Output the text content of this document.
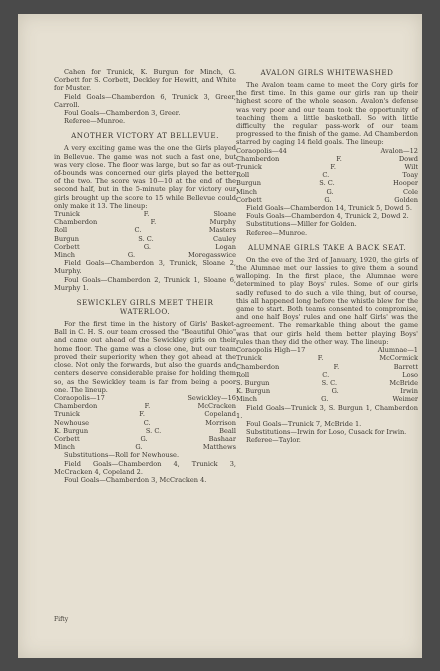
Cahen for Trunick, K. Burgun for Minch, G. Corbett for S. Corbett, Deckley for Hewitt, and White for Muster.

Field Goals—Chamberdon 6, Trunick 3, Greer, Carroll.

Foul Goals—Chamberdon 3, Greer.

Referee—Munroe.

ANOTHER VICTORY AT BELLEVUE.

A very exciting game was the one the Girls played in Bellevue. The game was not such a fast one, but was very close. The floor was large, but so far as out-of-bounds was concerned our girls played the better of the two. The score was 10—10 at the end of the second half, but in the 5-minute play for victory our girls brought up the score to 15 while Bellevue could only make it 13. The lineup:

Trunick	F.	Sloane
Chamberdon	F.	Murphy
Roll	C.	Masters
Burgun	S. C.	Cauley
Corbett	G.	Logan
Minch	G.	Moregasswice

Field Goals—Chamberdon 3, Trunick, Sloane 2, Murphy.

Foul Goals—Chamberdon 2, Trunick 1, Sloane 6, Murphy 1.

SEWICKLEY GIRLS MEET THEIR WATERLOO.

For the first time in the history of Girls' Basket-Ball in C. H. S. our team crossed the "Beautiful Ohio" and came out ahead of the Sewickley girls on their home floor. The game was a close one, but our team proved their superiority when they got ahead at the close. Not only the forwards, but also the guards and centers deserve considerable praise for holding them so, as the Sewickley team is far from being a poor one. The lineup.

Coraopolis—17	Sewickley—16
Chamberdon	F.	McCracken
Trunick	F.	Copeland
Newhouse	C.	Morrison
K. Burgun	S. C.	Beall
Corbett	G.	Bashaar
Minch	G.	Matthews

Substitutions—Roll for Newhouse.

Field Goals—Chamberdon 4, Trunick 3, McCracken 4, Copeland 2.

Foul Goals—Chamberdon 3, McCracken 4.

AVALON GIRLS WHITEWASHED

The Avalon team came to meet the Cory girls for the first time. In this game our girls ran up their highest score of the whole season. Avalon's defense was very poor and our team took the opportunity of teaching them a little basketball. So with little difficulty the regular pass-work of our team progressed to the finish of the game. Ad Chamberdon starred by caging 14 field goals. The lineup:

Coraopolis—44	Avalon—12
Chamberdon	F.	Dowd
Trunick	F.	Wilt
Roll	C.	Toay
Burgun	S. C.	Hooper
Minch	G.	Cole
Corbett	G.	Golden

Field Goals—Chamberdon 14, Trunick 5, Dowd 5.

Fouls Goals—Chamberdon 4, Trunick 2, Dowd 2.

Substitutions—Miller for Golden.

Referee—Munroe.

ALUMNAE GIRLS TAKE A BACK SEAT.

On the eve of the 3rd of January, 1920, the girls of the Alumnae met our lassies to give them a sound walloping. In the first place, the Alumnae were determined to play Boys' rules. Some of our girls sadly refused to do such a vile thing, but of course, this all happened long before the whistle blew for the game to start. Both teams consented to compromise, and one half Boys' rules and one half Girls' was the agreement. The remarkable thing about the game was that our girls held them better playing Boys' rules than they did the other way. The lineup:

Coraopolis High—17	Alumnae—1
Trunick	F.	McCormick
Chamberdon	F.	Barrett
Roll	C.	Loso
S. Burgun	S. C.	McBride
K. Burgun	G.	Irwin
Minch	G.	Weimer

Field Goals—Trunick 3, S. Burgun 1, Chamberdon 1.

Foul Goals—Trunick 7, McBride 1.

Substitutions—Irwin for Loso, Cusack for Irwin.

Referee—Taylor.

Fifty
